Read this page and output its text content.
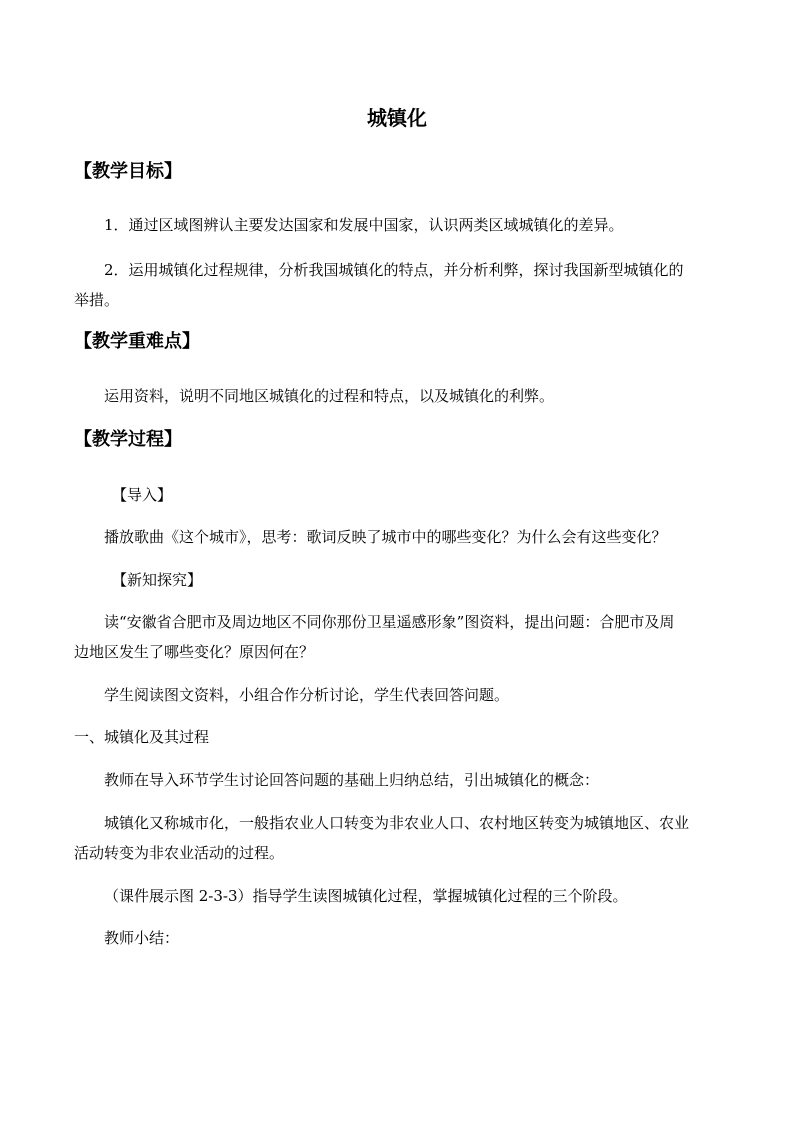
城镇化
【教学目标】
1．通过区域图辨认主要发达国家和发展中国家，认识两类区域城镇化的差异。
2．运用城镇化过程规律，分析我国城镇化的特点，并分析利弊，探讨我国新型城镇化的
举措。
【教学重难点】
运用资料，说明不同地区城镇化的过程和特点，以及城镇化的利弊。
【教学过程】
【导入】
播放歌曲《这个城市》，思考：歌词反映了城市中的哪些变化？为什么会有这些变化？
【新知探究】
读“安徽省合肥市及周边地区不同你那份卫星遥感形象”图资料，提出问题：合肥市及周
边地区发生了哪些变化？原因何在？
学生阅读图文资料，小组合作分析讨论，学生代表回答问题。
一、城镇化及其过程
教师在导入环节学生讨论回答问题的基础上归纳总结，引出城镇化的概念：
城镇化又称城市化，一般指农业人口转变为非农业人口、农村地区转变为城镇地区、农业
活动转变为非农业活动的过程。
（课件展示图 2-3-3）指导学生读图城镇化过程，掌握城镇化过程的三个阶段。
教师小结：
